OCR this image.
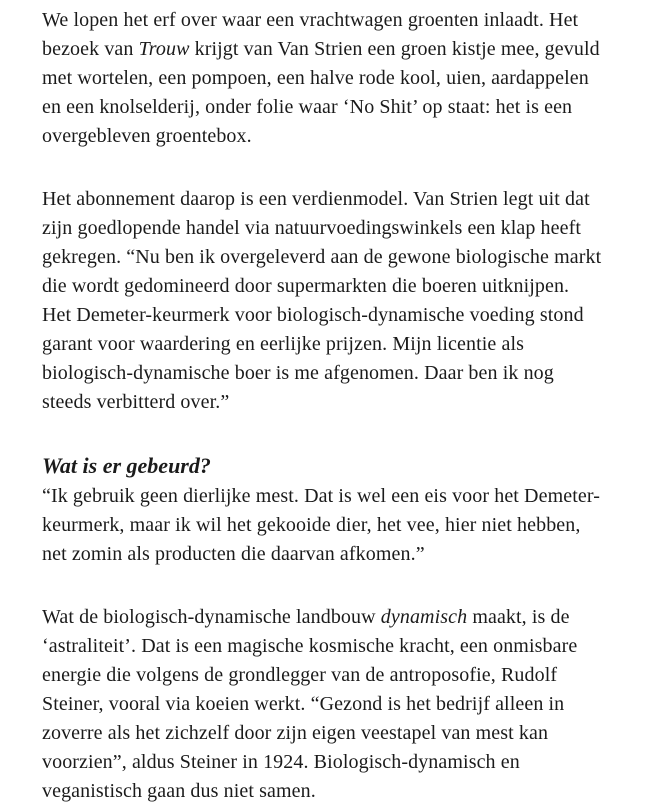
We lopen het erf over waar een vrachtwagen groenten inlaadt. Het
bezoek van Trouw krijgt van Van Strien een groen kistje mee, gevuld
met wortelen, een pompoen, een halve rode kool, uien, aardappelen
en een knolselderij, onder folie waar ‘No Shit’ op staat: het is een
overgebleven groentebox.

Het abonnement daarop is een verdienmodel. Van Strien legt uit dat
zijn goedlopende handel via natuurvoedingswinkels een klap heeft
gekregen. “Nu ben ik overgeleverd aan de gewone biologische markt
die wordt gedomineerd door supermarkten die boeren uitknijpen.
Het Demeter-keurmerk voor biologisch-dynamische voeding stond
garant voor waardering en eerlijke prijzen. Mijn licentie als
biologisch-dynamische boer is me afgenomen. Daar ben ik nog
steeds verbitterd over.”

Wat is er gebeurd?

“Ik gebruik geen dierlijke mest. Dat is wel een eis voor het Demeter-
keurmerk, maar ik wil het gekooide dier, het vee, hier niet hebben,
net zomin als producten die daarvan afkomen.”

Wat de biologisch-dynamische landbouw dynamisch maakt, is de
‘astraliteit’. Dat is een magische kosmische kracht, een onmisbare
energie die volgens de grondlegger van de antroposofie, Rudolf
Steiner, vooral via koeien werkt. “Gezond is het bedrijf alleen in
zoverre als het zichzelf door zijn eigen veestapel van mest kan
voorzien”, aldus Steiner in 1924. Biologisch-dynamisch en
veganistisch gaan dus niet samen.
